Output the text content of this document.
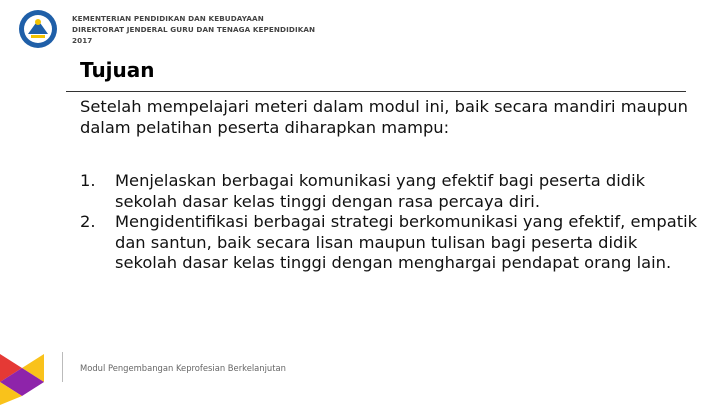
KEMENTERIAN PENDIDIKAN DAN KEBUDAYAAN
DIREKTORAT JENDERAL GURU DAN TENAGA KEPENDIDIKAN
2017
Tujuan
Setelah mempelajari meteri dalam modul ini, baik secara mandiri maupun dalam pelatihan peserta diharapkan mampu:
1. Menjelaskan berbagai komunikasi yang efektif bagi peserta didik sekolah dasar kelas tinggi dengan rasa percaya diri.
2. Mengidentifikasi berbagai strategi berkomunikasi yang efektif, empatik dan santun, baik secara lisan maupun tulisan bagi peserta didik sekolah dasar kelas tinggi dengan menghargai pendapat orang lain.
Modul Pengembangan Keprofesian Berkelanjutan
